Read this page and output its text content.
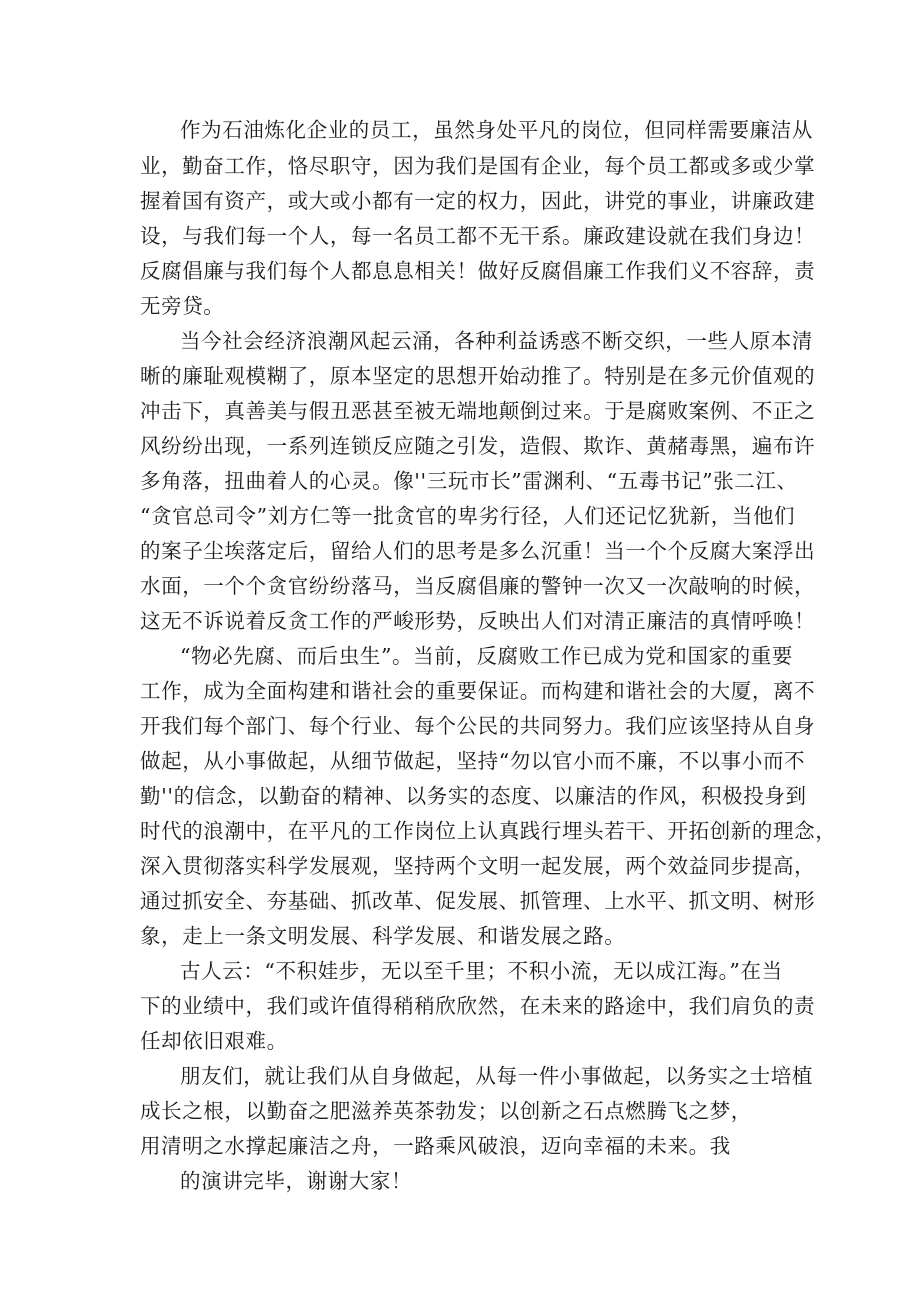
作为石油炼化企业的员工，虽然身处平凡的岗位，但同样需要廉洁从

业，勤奋工作，恪尽职守，因为我们是国有企业，每个员工都或多或少掌

握着国有资产，或大或小都有一定的权力，因此，讲党的事业，讲廉政建

设，与我们每一个人，每一名员工都不无干系。廉政建设就在我们身边！

反腐倡廉与我们每个人都息息相关！做好反腐倡廉工作我们义不容辞，责

无旁贷。

当今社会经济浪潮风起云涌，各种利益诱惑不断交织，一些人原本清

晰的廉耻观模糊了，原本坚定的思想开始动推了。特别是在多元价值观的

冲击下，真善美与假丑恶甚至被无端地颠倒过来。于是腐败案例、不正之

风纷纷出现，一系列连锁反应随之引发，造假、欺诈、黄赭毒黑，遍布许

多角落，扭曲着人的心灵。像''三玩市长”雷渊利、“五毒书记”张二江、

“贪官总司令”刘方仁等一批贪官的卑劣行径，人们还记忆犹新，当他们

的案子尘埃落定后，留给人们的思考是多么沉重！当一个个反腐大案浮出

水面，一个个贪官纷纷落马，当反腐倡廉的警钟一次又一次敲响的时候，

这无不诉说着反贪工作的严峻形势，反映出人们对清正廉洁的真情呼唤！

“物必先腐、而后虫生”。当前，反腐败工作已成为党和国家的重要

工作，成为全面构建和谐社会的重要保证。而构建和谐社会的大厦，离不

开我们每个部门、每个行业、每个公民的共同努力。我们应该坚持从自身

做起，从小事做起，从细节做起，坚持“勿以官小而不廉，不以事小而不

勤''的信念，以勤奋的精神、以务实的态度、以廉洁的作风，积极投身到

时代的浪潮中，在平凡的工作岗位上认真践行埋头若干、开拓创新的理念，

深入贯彻落实科学发展观，坚持两个文明一起发展，两个效益同步提高，

通过抓安全、夯基础、抓改革、促发展、抓管理、上水平、抓文明、树形

象，走上一条文明发展、科学发展、和谐发展之路。

古人云：“不积娃步，无以至千里；不积小流，无以成江海。”在当

下的业绩中，我们或许值得稍稍欣欣然，在未来的路途中，我们肩负的责

任却依旧艰难。

朋友们，就让我们从自身做起，从每一件小事做起，以务实之士培植

成长之根，以勤奋之肥滋养英茶勃发；以创新之石点燃腾飞之梦，

用清明之水撑起廉洁之舟，一路乘风破浪，迈向幸福的未来。我

的演讲完毕，谢谢大家！
